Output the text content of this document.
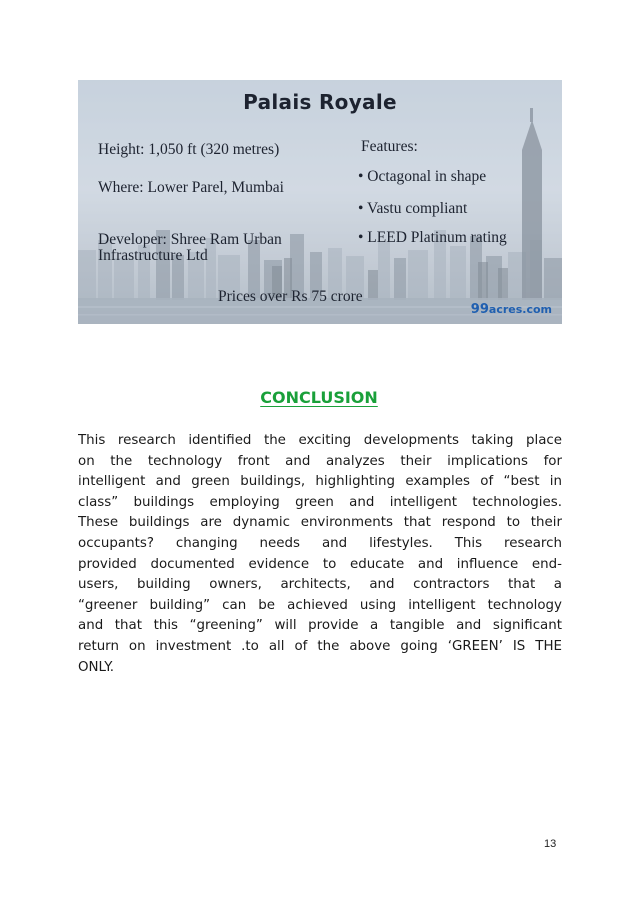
Palais Royale
Height: 1,050 ft (320 metres)
Where: Lower Parel, Mumbai
Developer: Shree Ram Urban
Infrastructure Ltd
Features:
• Octagonal in shape
• Vastu compliant
• LEED Platinum rating
Prices over Rs 75 crore
99acres.com
CONCLUSION
This research identified the exciting developments taking place
on the technology front and analyzes their implications for
intelligent and green buildings, highlighting examples of “best in
class” buildings employing green and intelligent technologies.
These buildings are dynamic environments that respond to their
occupants? changing needs and lifestyles. This research
provided documented evidence to educate and influence end-
users, building owners, architects, and contractors that a
“greener building” can be achieved using intelligent technology
and that this “greening” will provide a tangible and significant
return on investment .to all of the above going ‘GREEN’ IS THE
ONLY.
13
